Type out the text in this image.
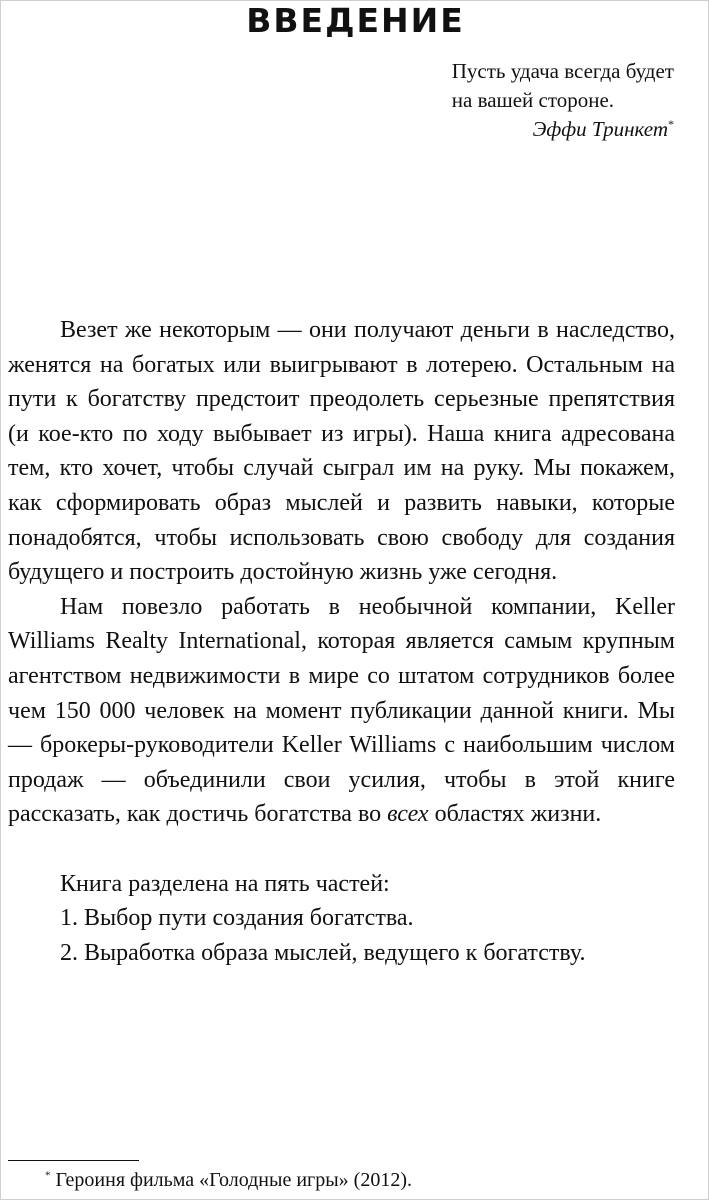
ВВЕДЕНИЕ
Пусть удача всегда будет
на вашей стороне.
Эффи Тринкет*

Везет же некоторым — они получают деньги в наследство, женятся на богатых или выигрывают в лотерею. Остальным на пути к богатству предстоит преодолеть серьезные препятствия (и кое-кто по ходу выбывает из игры). Наша книга адресована тем, кто хочет, чтобы случай сыграл им на руку. Мы покажем, как сформировать образ мыслей и развить навыки, которые понадобятся, чтобы использовать свою свободу для создания будущего и построить достойную жизнь уже сегодня.

Нам повезло работать в необычной компании, Keller Williams Realty International, которая является самым крупным агентством недвижимости в мире со штатом сотрудников более чем 150 000 человек на момент публикации данной книги. Мы — брокеры-руководители Keller Williams с наибольшим числом продаж — объединили свои усилия, чтобы в этой книге рассказать, как достичь богатства во всех областях жизни.

Книга разделена на пять частей:

1. Выбор пути создания богатства.

2. Выработка образа мыслей, ведущего к богатству.

* Героиня фильма «Голодные игры» (2012).
